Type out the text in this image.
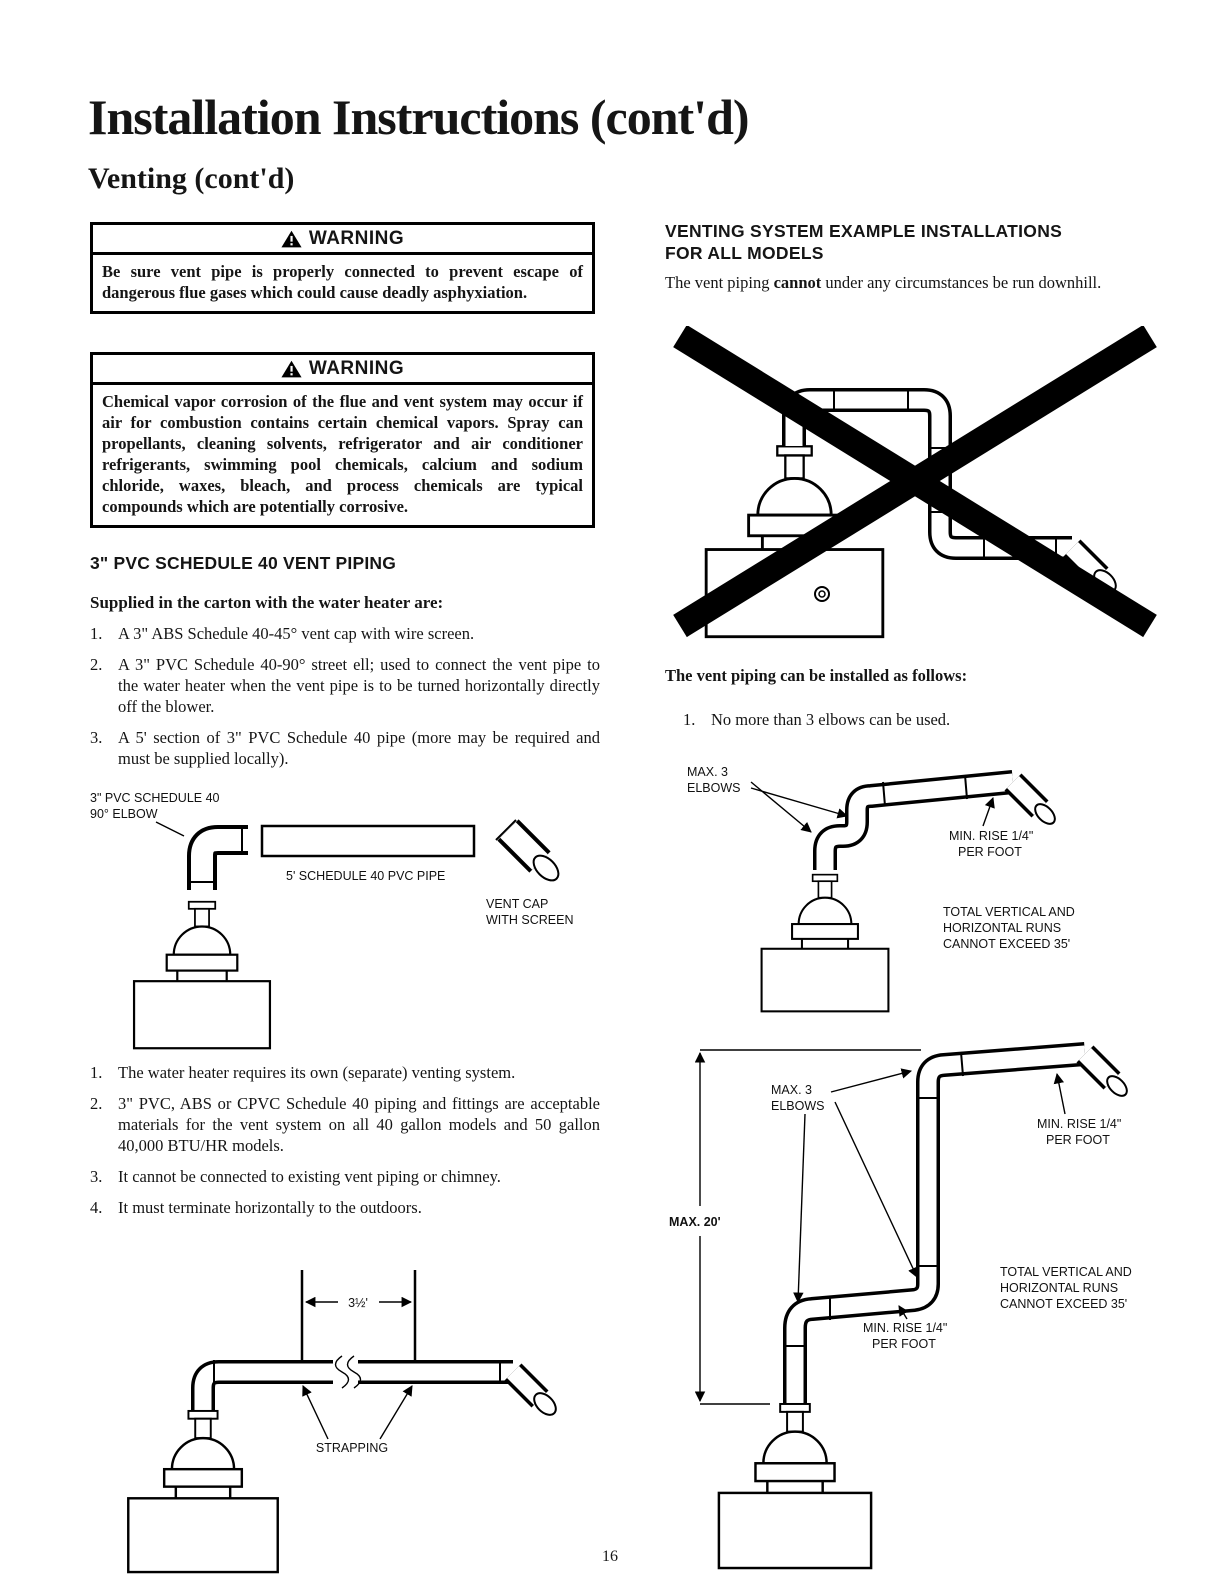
Installation Instructions (cont'd)
Venting (cont'd)
WARNING
Be sure vent pipe is properly connected to prevent escape of dangerous flue gases which could cause deadly asphyxiation.
WARNING
Chemical vapor corrosion of the flue and vent system may occur if air for combustion contains certain chemical vapors. Spray can propellants, cleaning solvents, refrigerator and air conditioner refrigerants, swimming pool chemicals, calcium and sodium chloride, waxes, bleach, and process chemicals are typical compounds which are potentially corrosive.
3" PVC SCHEDULE 40 VENT PIPING
Supplied in the carton with the water heater are:
1. A 3" ABS Schedule 40-45° vent cap with wire screen.
2. A 3" PVC Schedule 40-90° street ell; used to connect the vent pipe to the water heater when the vent pipe is to be turned horizontally directly off the blower.
3. A 5' section of 3" PVC Schedule 40 pipe (more may be required and must be supplied locally).
3" PVC SCHEDULE 40
90° ELBOW
5' SCHEDULE 40 PVC PIPE
VENT CAP
WITH SCREEN
1. The water heater requires its own (separate) venting system.
2. 3" PVC, ABS or CPVC Schedule 40 piping and fittings are acceptable materials for the vent system on all 40 gallon models and 50 gallon 40,000 BTU/HR models.
3. It cannot be connected to existing vent piping or chimney.
4. It must terminate horizontally to the outdoors.
3½'
STRAPPING
VENTING SYSTEM EXAMPLE INSTALLATIONS
FOR ALL MODELS

The vent piping cannot under any circumstances be run downhill.

The vent piping can be installed as follows:
1. No more than 3 elbows can be used.
MAX. 3
ELBOWS
MIN. RISE 1/4"
PER FOOT
TOTAL VERTICAL AND
HORIZONTAL RUNS
CANNOT EXCEED 35'
MAX. 20'
MAX. 3
ELBOWS
MIN. RISE 1/4"
PER FOOT
MIN. RISE 1/4"
PER FOOT
TOTAL VERTICAL AND
HORIZONTAL RUNS
CANNOT EXCEED 35'
16
